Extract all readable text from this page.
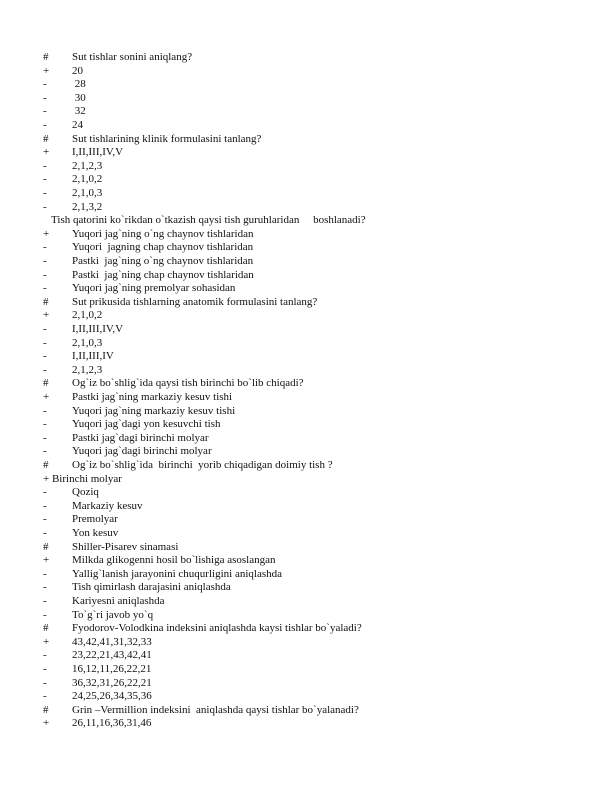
#	Sut tishlar sonini aniqlang?
+	20
-	28
-	30
-	32
-	24
#	Sut tishlarining klinik formulasini tanlang?
+	I,II,III,IV,V
-	2,1,2,3
-	2,1,0,2
-	2,1,0,3
-	2,1,3,2
Tish qatorini ko`rikdan o`tkazish qaysi tish guruhlaridan     boshlanadi?
+	Yuqori jag`ning o`ng chaynov tishlaridan
-	Yuqori  jagning chap chaynov tishlaridan
-	Pastki  jag`ning o`ng chaynov tishlaridan
-	Pastki  jag`ning chap chaynov tishlaridan
-	Yuqori jag`ning premolyar sohasidan
#	Sut prikusida tishlarning anatomik formulasini tanlang?
+	2,1,0,2
-	I,II,III,IV,V
-	2,1,0,3
-	I,II,III,IV
-	2,1,2,3
#	Og`iz bo`shlig`ida qaysi tish birinchi bo`lib chiqadi?
+	Pastki jag`ning markaziy kesuv tishi
-	Yuqori jag`ning markaziy kesuv tishi
-	Yuqori jag`dagi yon kesuvchi tish
-	Pastki jag`dagi birinchi molyar
-	Yuqori jag`dagi birinchi molyar
#	Og`iz bo`shlig`ida  birinchi  yorib chiqadigan doimiy tish ?
+ Birinchi molyar
-	Qoziq
-	Markaziy kesuv
-	Premolyar
-	Yon kesuv
#	Shiller-Pisarev sinamasi
+	Milkda glikogenni hosil bo`lishiga asoslangan
-	Yallig`lanish jarayonini chuqurligini aniqlashda
-	Tish qimirlash darajasini aniqlashda
-	Kariyesni aniqlashda
-	To`g`ri javob yo`q
#	Fyodorov-Volodkina indeksini aniqlashda kaysi tishlar bo`yaladi?
+	43,42,41,31,32,33
-	23,22,21,43,42,41
-	16,12,11,26,22,21
-	36,32,31,26,22,21
-	24,25,26,34,35,36
#	Grin –Vermillion indeksini  aniqlashda qaysi tishlar bo`yalanadi?
+	26,11,16,36,31,46
